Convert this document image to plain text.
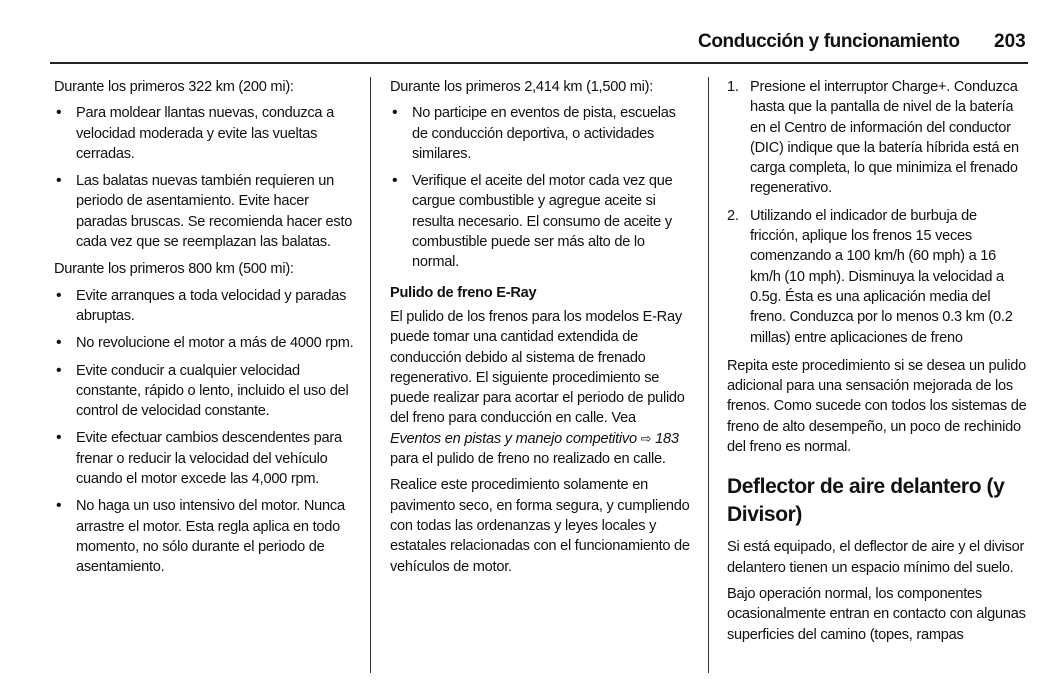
Conducción y funcionamiento 203

Durante los primeros 322 km (200 mi):

• Para moldear llantas nuevas, conduzca a velocidad moderada y evite las vueltas cerradas.
• Las balatas nuevas también requieren un periodo de asentamiento. Evite hacer paradas bruscas. Se recomienda hacer esto cada vez que se reemplazan las balatas.

Durante los primeros 800 km (500 mi):

• Evite arranques a toda velocidad y paradas abruptas.
• No revolucione el motor a más de 4000 rpm.
• Evite conducir a cualquier velocidad constante, rápido o lento, incluido el uso del control de velocidad constante.
• Evite efectuar cambios descendentes para frenar o reducir la velocidad del vehículo cuando el motor excede las 4,000 rpm.
• No haga un uso intensivo del motor. Nunca arrastre el motor. Esta regla aplica en todo momento, no sólo durante el periodo de asentamiento.

Durante los primeros 2,414 km (1,500 mi):

• No participe en eventos de pista, escuelas de conducción deportiva, o actividades similares.
• Verifique el aceite del motor cada vez que cargue combustible y agregue aceite si resulta necesario. El consumo de aceite y combustible puede ser más alto de lo normal.
Pulido de freno E-Ray

El pulido de los frenos para los modelos E-Ray puede tomar una cantidad extendida de conducción debido al sistema de frenado regenerativo. El siguiente procedimiento se puede realizar para acortar el periodo de pulido del freno para conducción en calle. Vea Eventos en pistas y manejo competitivo ⇨ 183 para el pulido de freno no realizado en calle.

Realice este procedimiento solamente en pavimento seco, en forma segura, y cumpliendo con todas las ordenanzas y leyes locales y estatales relacionadas con el funcionamiento de vehículos de motor.

1. Presione el interruptor Charge+. Conduzca hasta que la pantalla de nivel de la batería en el Centro de información del conductor (DIC) indique que la batería híbrida está en carga completa, lo que minimiza el frenado regenerativo.
2. Utilizando el indicador de burbuja de fricción, aplique los frenos 15 veces comenzando a 100 km/h (60 mph) a 16 km/h (10 mph). Disminuya la velocidad a 0.5g. Ésta es una aplicación media del freno. Conduzca por lo menos 0.3 km (0.2 millas) entre aplicaciones de freno

Repita este procedimiento si se desea un pulido adicional para una sensación mejorada de los frenos. Como sucede con todos los sistemas de freno de alto desempeño, un poco de rechinido del freno es normal.

Deflector de aire delantero (y Divisor)

Si está equipado, el deflector de aire y el divisor delantero tienen un espacio mínimo del suelo.

Bajo operación normal, los componentes ocasionalmente entran en contacto con algunas superficies del camino (topes, rampas
